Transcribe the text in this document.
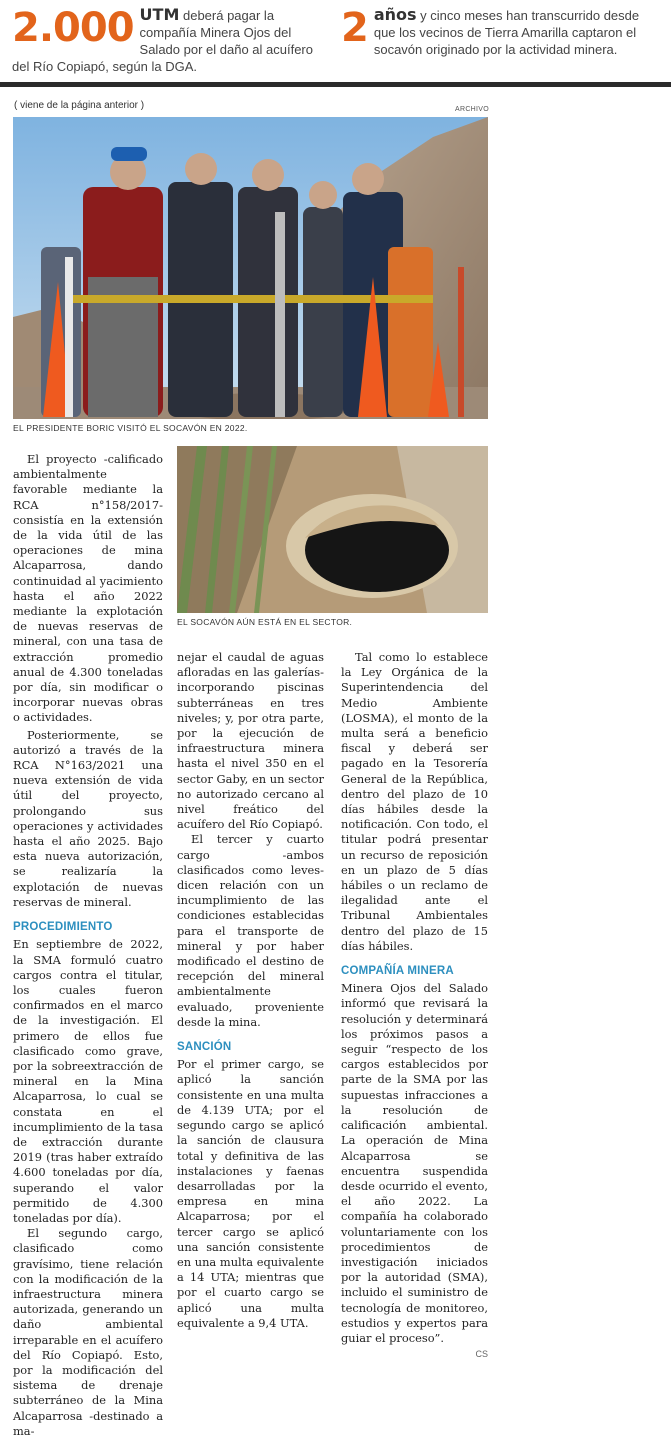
2.000 UTM deberá pagar la compañía Minera Ojos del Salado por el daño al acuífero del Río Copiapó, según la DGA.

2 años y cinco meses han transcurrido desde que los vecinos de Tierra Amarilla captaron el socavón originado por la actividad minera.

( viene de la página anterior )	ARCHIVO
EL PRESIDENTE BORIC VISITÓ EL SOCAVÓN EN 2022.
EL SOCAVÓN AÚN ESTÁ EN EL SECTOR.

El proyecto -calificado ambientalmente favorable mediante la RCA n°158/2017- consistía en la extensión de la vida útil de las operaciones de mina Alcaparrosa, dando continuidad al yacimiento hasta el año 2022 mediante la explotación de nuevas reservas de mineral, con una tasa de extracción promedio anual de 4.300 toneladas por día, sin modificar o incorporar nuevas obras o actividades.

Posteriormente, se autorizó a través de la RCA N°163/2021 una nueva extensión de vida útil del proyecto, prolongando sus operaciones y actividades hasta el año 2025. Bajo esta nueva autorización, se realizaría la explotación de nuevas reservas de mineral.

PROCEDIMIENTO

En septiembre de 2022, la SMA formuló cuatro cargos contra el titular, los cuales fueron confirmados en el marco de la investigación. El primero de ellos fue clasificado como grave, por la sobreextracción de mineral en la Mina Alcaparrosa, lo cual se constata en el incumplimiento de la tasa de extracción durante 2019 (tras haber extraído 4.600 toneladas por día, superando el valor permitido de 4.300 toneladas por día).

El segundo cargo, clasificado como gravísimo, tiene relación con la modificación de la infraestructura minera autorizada, generando un daño ambiental irreparable en el acuífero del Río Copiapó. Esto, por la modificación del sistema de drenaje subterráneo de la Mina Alcaparrosa -destinado a ma-

nejar el caudal de aguas afloradas en las galerías- incorporando piscinas subterráneas en tres niveles; y, por otra parte, por la ejecución de infraestructura minera hasta el nivel 350 en el sector Gaby, en un sector no autorizado cercano al nivel freático del acuífero del Río Copiapó.

El tercer y cuarto cargo -ambos clasificados como leves- dicen relación con un incumplimiento de las condiciones establecidas para el transporte de mineral y por haber modificado el destino de recepción del mineral ambientalmente evaluado, proveniente desde la mina.

SANCIÓN

Por el primer cargo, se aplicó la sanción consistente en una multa de 4.139 UTA; por el segundo cargo se aplicó la sanción de clausura total y definitiva de las instalaciones y faenas desarrolladas por la empresa en mina Alcaparrosa; por el tercer cargo se aplicó una sanción consistente en una multa equivalente a 14 UTA; mientras que por el cuarto cargo se aplicó una multa equivalente a 9,4 UTA.

Tal como lo establece la Ley Orgánica de la Superintendencia del Medio Ambiente (LOSMA), el monto de la multa será a beneficio fiscal y deberá ser pagado en la Tesorería General de la República, dentro del plazo de 10 días hábiles desde la notificación. Con todo, el titular podrá presentar un recurso de reposición en un plazo de 5 días hábiles o un reclamo de ilegalidad ante el Tribunal Ambientales dentro del plazo de 15 días hábiles.

COMPAÑÍA MINERA

Minera Ojos del Salado informó que revisará la resolución y determinará los próximos pasos a seguir “respecto de los cargos establecidos por parte de la SMA por las supuestas infracciones a la resolución de calificación ambiental. La operación de Mina Alcaparrosa se encuentra suspendida desde ocurrido el evento, el año 2022. La compañía ha colaborado voluntariamente con los procedimientos de investigación iniciados por la autoridad (SMA), incluido el suministro de tecnología de monitoreo, estudios y expertos para guiar el proceso”.

CS
